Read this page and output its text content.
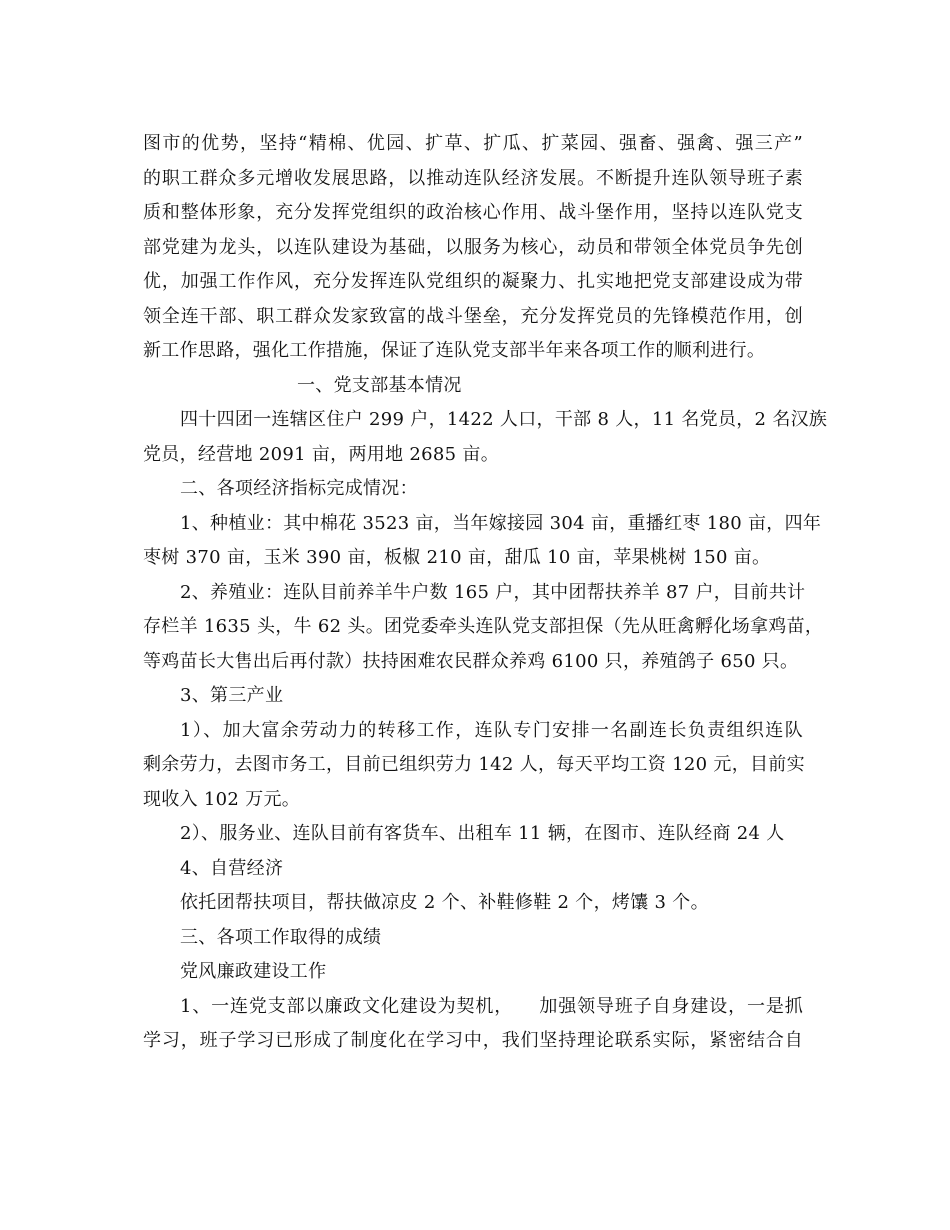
图市的优势，坚持“精棉、优园、扩草、扩瓜、扩菜园、强畜、强禽、强三产”
的职工群众多元增收发展思路，以推动连队经济发展。不断提升连队领导班子素
质和整体形象，充分发挥党组织的政治核心作用、战斗堡作用，坚持以连队党支
部党建为龙头，以连队建设为基础，以服务为核心，动员和带领全体党员争先创
优，加强工作作风，充分发挥连队党组织的凝聚力、扎实地把党支部建设成为带
领全连干部、职工群众发家致富的战斗堡垒，充分发挥党员的先锋模范作用，创
新工作思路，强化工作措施，保证了连队党支部半年来各项工作的顺利进行。
一、党支部基本情况
四十四团一连辖区住户 299 户，1422 人口，干部 8 人，11 名党员，2 名汉族
党员，经营地 2091 亩，两用地 2685 亩。
二、各项经济指标完成情况：
1、种植业：其中棉花 3523 亩，当年嫁接园 304 亩，重播红枣 180 亩，四年
枣树 370 亩，玉米 390 亩，板椒 210 亩，甜瓜 10 亩，苹果桃树 150 亩。
2、养殖业：连队目前养羊牛户数 165 户，其中团帮扶养羊 87 户，目前共计
存栏羊 1635 头，牛 62 头。团党委牵头连队党支部担保（先从旺禽孵化场拿鸡苗，
等鸡苗长大售出后再付款）扶持困难农民群众养鸡 6100 只，养殖鸽子 650 只。
3、第三产业
1）、加大富余劳动力的转移工作，连队专门安排一名副连长负责组织连队
剩余劳力，去图市务工，目前已组织劳力 142 人，每天平均工资 120 元，目前实
现收入 102 万元。
2）、服务业、连队目前有客货车、出租车 11 辆，在图市、连队经商 24 人
4、自营经济
依托团帮扶项目，帮扶做凉皮 2 个、补鞋修鞋 2 个，烤馕 3 个。
三、各项工作取得的成绩
党风廉政建设工作
1、一连党支部以廉政文化建设为契机，    加强领导班子自身建设，一是抓
学习，班子学习已形成了制度化在学习中，我们坚持理论联系实际，紧密结合自
